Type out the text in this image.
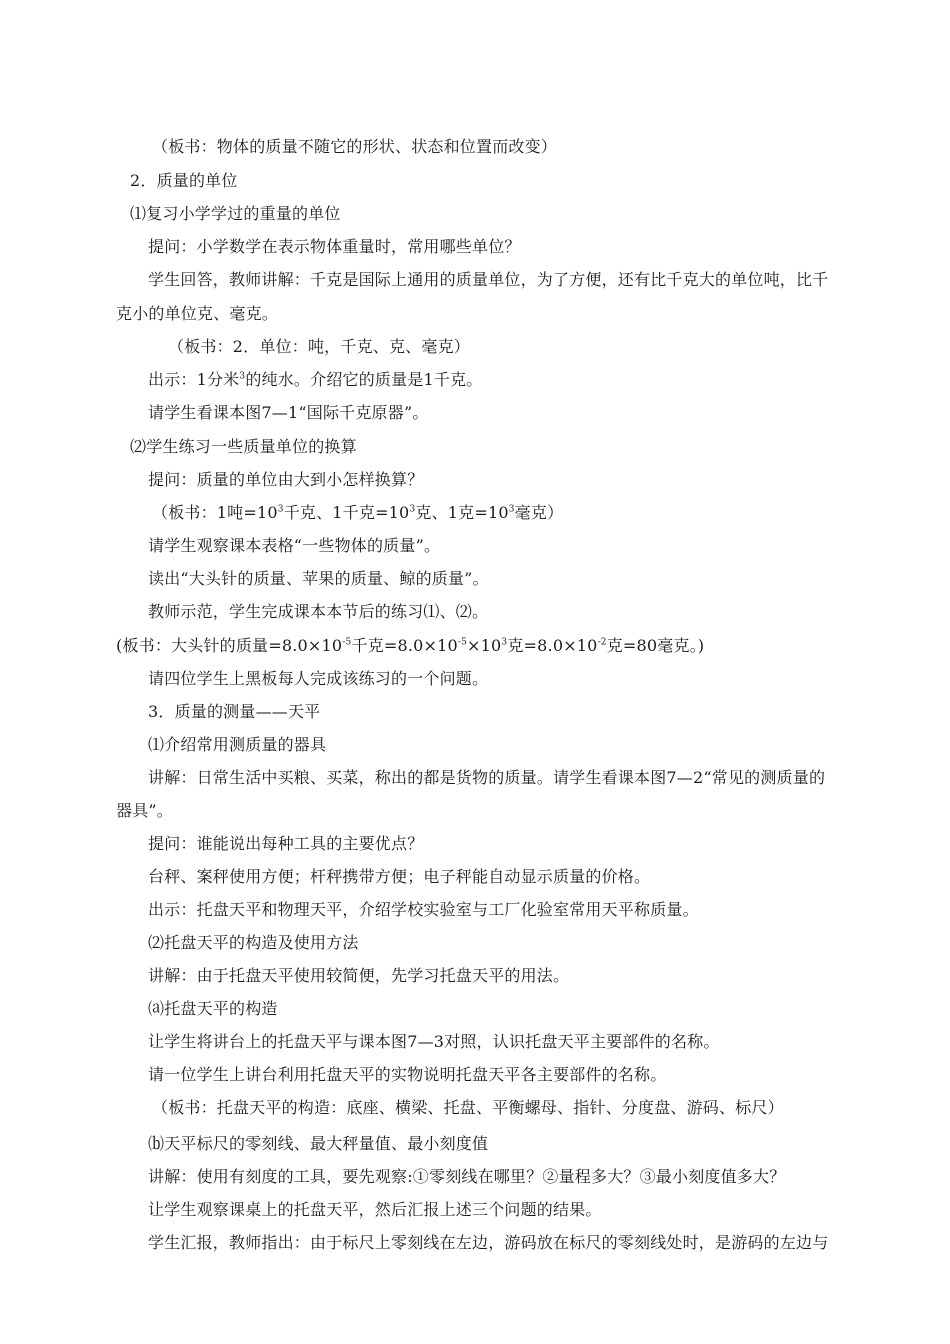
（板书：物体的质量不随它的形状、状态和位置而改变）
2．质量的单位
⑴复习小学学过的重量的单位
提问：小学数学在表示物体重量时，常用哪些单位？
学生回答，教师讲解：千克是国际上通用的质量单位，为了方便，还有比千克大的单位吨，比千
克小的单位克、毫克。
（板书：2．单位：吨，千克、克、毫克）
出示：1分米$^3$的纯水。介绍它的质量是1千克。
请学生看课本图7—1“国际千克原器”。
⑵学生练习一些质量单位的换算
提问：质量的单位由大到小怎样换算？
（板书：1吨$=10^3$千克、1千克$=10^3$克、1克$=10^3$毫克）
请学生观察课本表格“一些物体的质量”。
读出“大头针的质量、苹果的质量、鲸的质量”。
教师示范，学生完成课本本节后的练习⑴、⑵。
(板书：大头针的质量$=8.0\times 10^{-5}$千克$=8.0\times 10^{-5}\times 10^3$克$=8.0\times 10^{-2}$克=80毫克。)
请四位学生上黑板每人完成该练习的一个问题。
3．质量的测量——天平
⑴介绍常用测质量的器具
讲解：日常生活中买粮、买菜，称出的都是货物的质量。请学生看课本图7—2“常见的测质量的
器具”。
提问：谁能说出每种工具的主要优点？
台秤、案秤使用方便；杆秤携带方便；电子秤能自动显示质量的价格。
出示：托盘天平和物理天平，介绍学校实验室与工厂化验室常用天平称质量。
⑵托盘天平的构造及使用方法
讲解：由于托盘天平使用较简便，先学习托盘天平的用法。
⒜托盘天平的构造
让学生将讲台上的托盘天平与课本图7—3对照，认识托盘天平主要部件的名称。
请一位学生上讲台利用托盘天平的实物说明托盘天平各主要部件的名称。
（板书：托盘天平的构造：底座、横梁、托盘、平衡螺母、指针、分度盘、游码、标尺）
⒝天平标尺的零刻线、最大秤量值、最小刻度值
讲解：使用有刻度的工具，要先观察:①零刻线在哪里？②量程多大？③最小刻度值多大？
让学生观察课桌上的托盘天平，然后汇报上述三个问题的结果。
学生汇报，教师指出：由于标尺上零刻线在左边，游码放在标尺的零刻线处时，是游码的左边与
